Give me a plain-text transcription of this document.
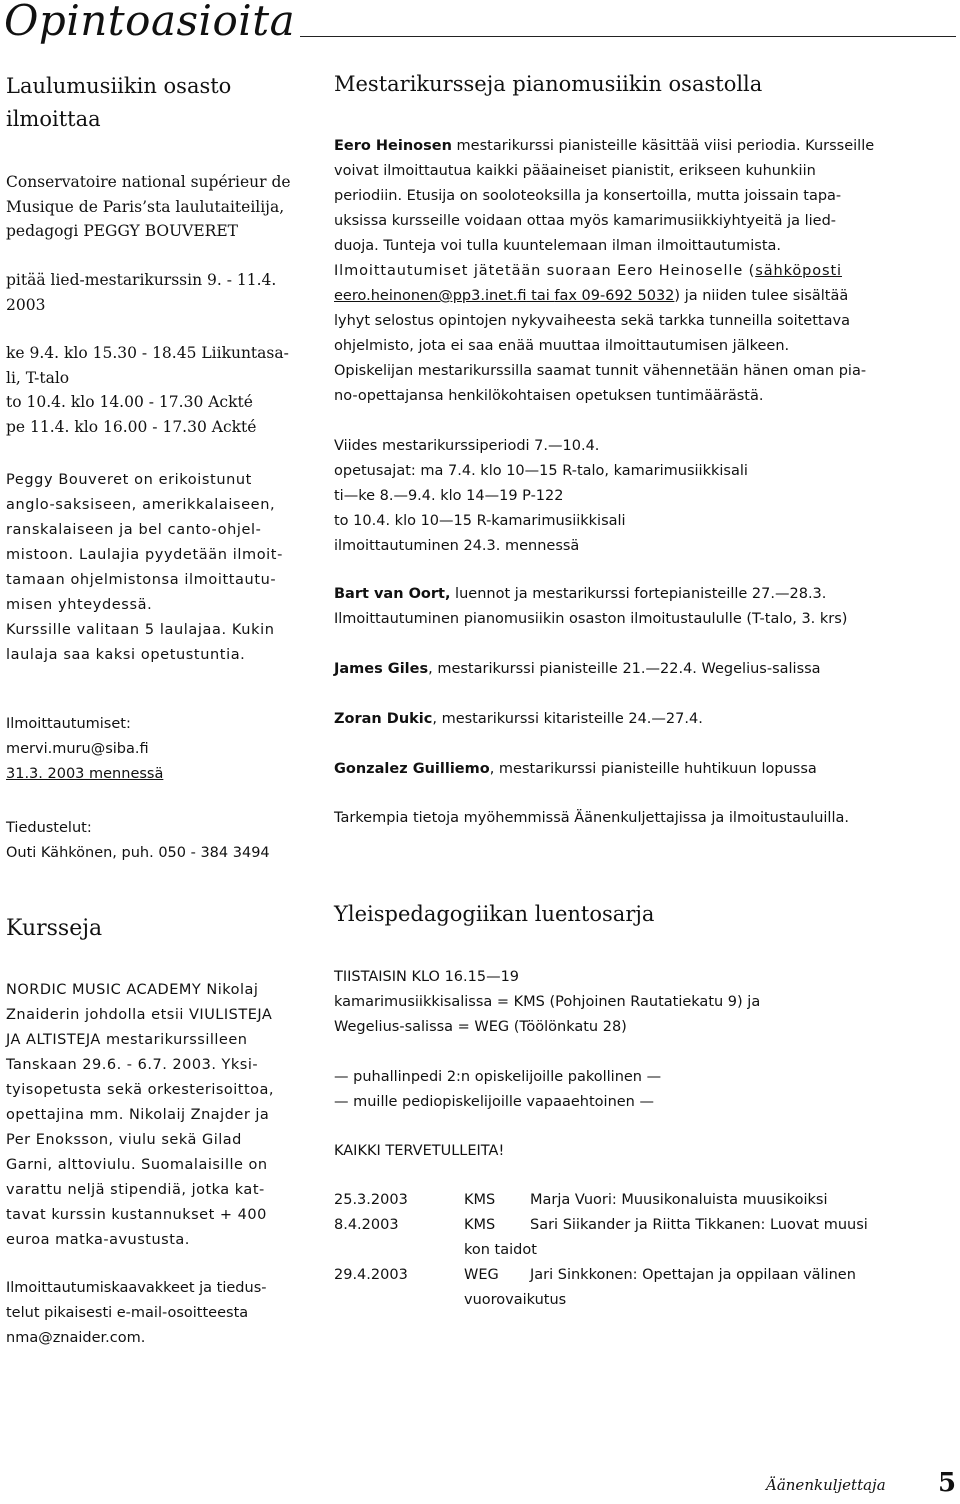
Opintoasioita
Laulumusiikin osasto
ilmoittaa
Conservatoire national supérieur de
Musique de Paris’sta laulutaiteilija,
pedagogi PEGGY BOUVERET
pitää lied-mestarikurssin 9. - 11.4.
2003
ke 9.4. klo 15.30 - 18.45 Liikuntasa-
li, T-talo
to 10.4. klo 14.00 - 17.30 Ackté
pe 11.4. klo 16.00 - 17.30 Ackté
Peggy Bouveret on erikoistunut
anglo-saksiseen, amerikkalaiseen,
ranskalaiseen ja bel canto-ohjel-
mistoon. Laulajia pyydetään ilmoit-
tamaan ohjelmistonsa ilmoittautu-
misen yhteydessä.
Kurssille valitaan 5 laulajaa. Kukin
laulaja saa kaksi opetustuntia.
Ilmoittautumiset:
mervi.muru@siba.fi
31.3. 2003 mennessä
Tiedustelut:
Outi Kähkönen, puh. 050 - 384 3494
Kursseja
NORDIC MUSIC ACADEMY Nikolaj
Znaiderin johdolla etsii VIULISTEJA
JA ALTISTEJA mestarikurssilleen
Tanskaan 29.6. - 6.7. 2003. Yksi-
tyisopetusta sekä orkesterisoittoa,
opettajina mm. Nikolaij Znajder ja
Per Enoksson, viulu sekä Gilad
Garni, alttoviulu. Suomalaisille on
varattu neljä stipendiä, jotka kat-
tavat kurssin kustannukset + 400
euroa matka-avustusta.
Ilmoittautumiskaavakkeet ja tiedus-
telut pikaisesti e-mail-osoitteesta
nma@znaider.com.
Mestarikursseja pianomusiikin osastolla
Eero Heinosen mestarikurssi pianisteille käsittää viisi periodia. Kursseille
voivat ilmoittautua kaikki pääaineiset pianistit, erikseen kuhunkiin
periodiin. Etusija on sooloteoksilla ja konsertoilla, mutta joissain tapa-
uksissa kursseille voidaan ottaa myös kamarimusiikkiyhtyeitä ja lied-
duoja. Tunteja voi tulla kuuntelemaan ilman ilmoittautumista.
Ilmoittautumiset jätetään suoraan Eero Heinoselle (sähköposti
eero.heinonen@pp3.inet.fi tai fax 09-692 5032) ja niiden tulee sisältää
lyhyt selostus opintojen nykyvaiheesta sekä tarkka tunneilla soitettava
ohjelmisto, jota ei saa enää muuttaa ilmoittautumisen jälkeen.
Opiskelijan mestarikurssilla saamat tunnit vähennetään hänen oman pia-
no-opettajansa henkilökohtaisen opetuksen tuntimäärästä.
Viides mestarikurssiperiodi 7.—10.4.
opetusajat: ma 7.4. klo 10—15 R-talo, kamarimusiikkisali
ti—ke 8.—9.4. klo 14—19 P-122
to 10.4. klo 10—15 R-kamarimusiikkisali
ilmoittautuminen 24.3. mennessä
Bart van Oort, luennot ja mestarikurssi fortepianisteille 27.—28.3.
Ilmoittautuminen pianomusiikin osaston ilmoitustaululle (T-talo, 3. krs)
James Giles, mestarikurssi pianisteille 21.—22.4. Wegelius-salissa
Zoran Dukic, mestarikurssi kitaristeille 24.—27.4.
Gonzalez Guilliemo, mestarikurssi pianisteille huhtikuun lopussa
Tarkempia tietoja myöhemmissä Äänenkuljettajissa ja ilmoitustauluilla.
Yleispedagogiikan luentosarja
TIISTAISIN KLO 16.15—19
kamarimusiikkisalissa = KMS (Pohjoinen Rautatiekatu 9) ja
Wegelius-salissa = WEG (Töölönkatu 28)
— puhallinpedi 2:n opiskelijoille pakollinen —
— muille pediopiskelijoille vapaaehtoinen —
KAIKKI TERVETULLEITA!
25.3.2003	KMS	Marja Vuori: Muusikonaluista muusikoiksi
8.4.2003	KMS	Sari Siikander ja Riitta Tikkanen: Luovat muusi
kon taidot
29.4.2003	WEG	Jari Sinkkonen: Opettajan ja oppilaan välinen
vuorovaikutus
Äänenkuljettaja 5
